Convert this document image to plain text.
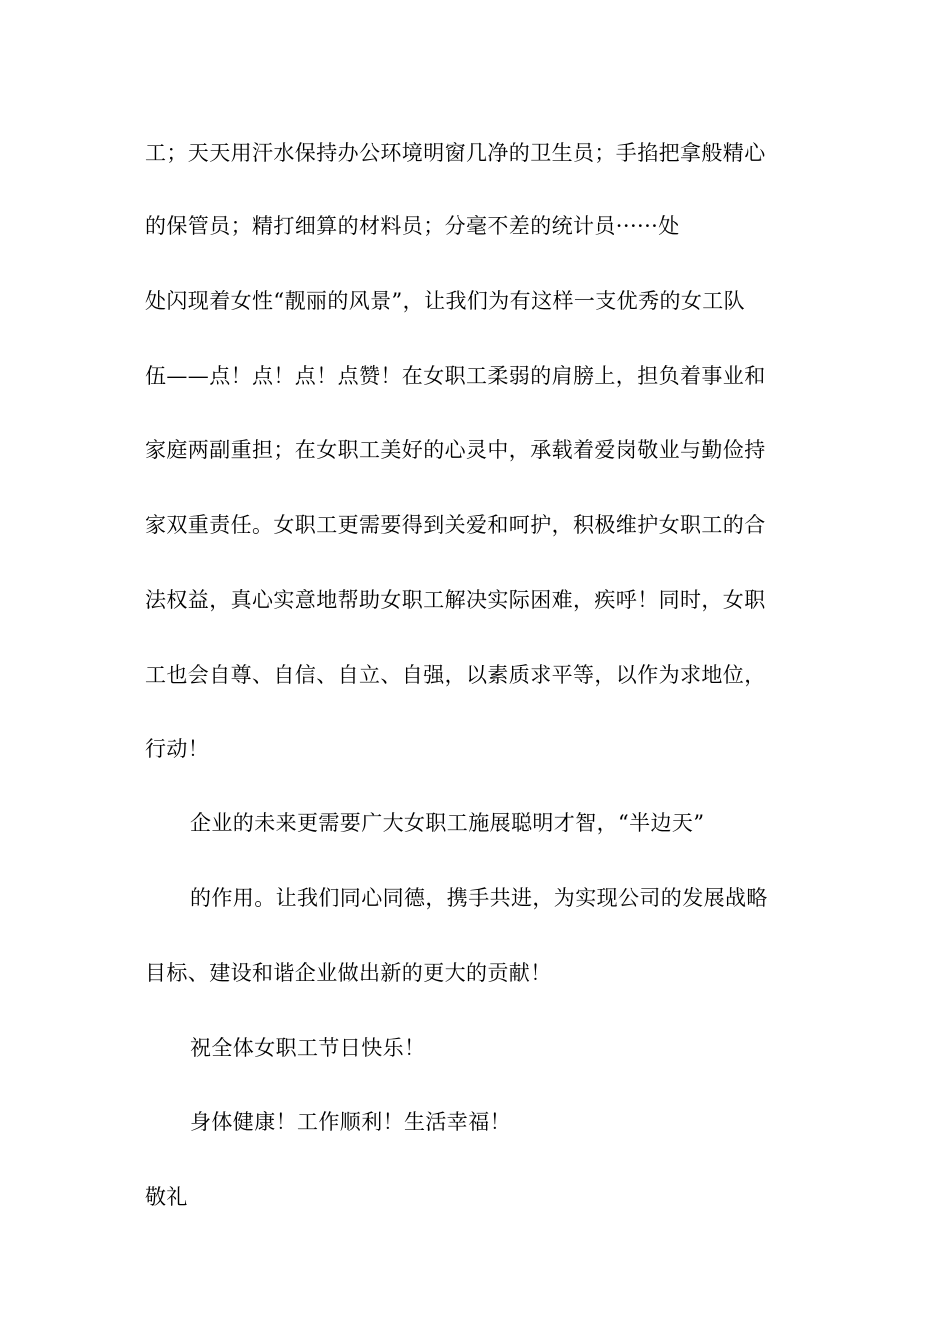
工；天天用汗水保持办公环境明窗几净的卫生员；手掐把拿般精心
的保管员；精打细算的材料员；分毫不差的统计员······处
处闪现着女性“靓丽的风景”，让我们为有这样一支优秀的女工队
伍——点！点！点！点赞！在女职工柔弱的肩膀上，担负着事业和
家庭两副重担；在女职工美好的心灵中，承载着爱岗敬业与勤俭持
家双重责任。女职工更需要得到关爱和呵护，积极维护女职工的合
法权益，真心实意地帮助女职工解决实际困难，疾呼！同时，女职
工也会自尊、自信、自立、自强，以素质求平等，以作为求地位，
行动！
企业的未来更需要广大女职工施展聪明才智，“半边天”
的作用。让我们同心同德，携手共进，为实现公司的发展战略
目标、建设和谐企业做出新的更大的贡献！
祝全体女职工节日快乐！
身体健康！工作顺利！生活幸福！
敬礼
